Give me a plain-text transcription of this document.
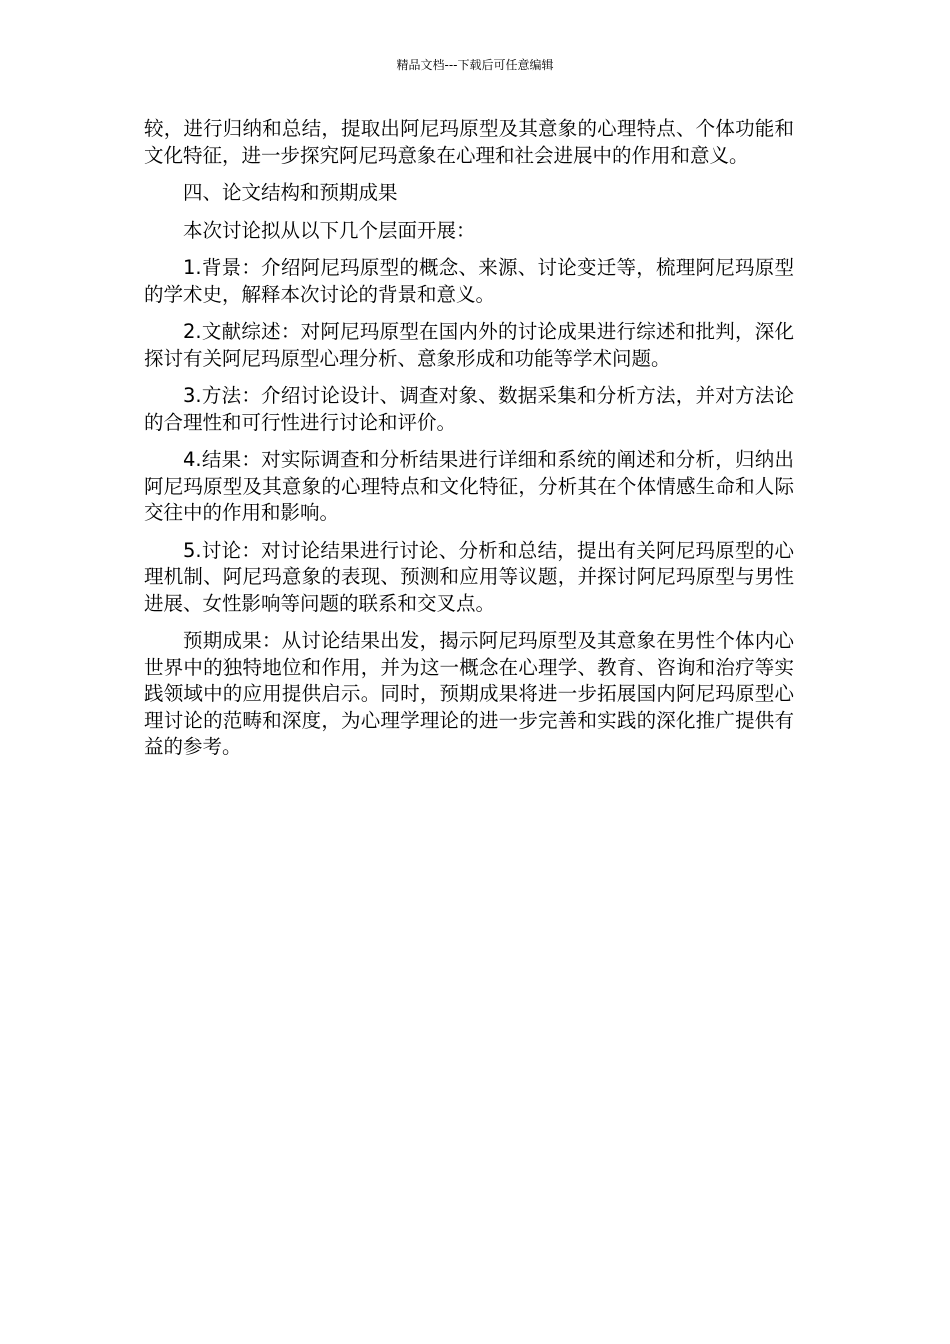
精品文档---下载后可任意编辑

较，进行归纳和总结，提取出阿尼玛原型及其意象的心理特点、个体功能和文化特征，进一步探究阿尼玛意象在心理和社会进展中的作用和意义。

四、论文结构和预期成果

本次讨论拟从以下几个层面开展：

1.背景：介绍阿尼玛原型的概念、来源、讨论变迁等，梳理阿尼玛原型的学术史，解释本次讨论的背景和意义。

2.文献综述：对阿尼玛原型在国内外的讨论成果进行综述和批判，深化探讨有关阿尼玛原型心理分析、意象形成和功能等学术问题。

3.方法：介绍讨论设计、调查对象、数据采集和分析方法，并对方法论的合理性和可行性进行讨论和评价。

4.结果：对实际调查和分析结果进行详细和系统的阐述和分析，归纳出阿尼玛原型及其意象的心理特点和文化特征，分析其在个体情感生命和人际交往中的作用和影响。

5.讨论：对讨论结果进行讨论、分析和总结，提出有关阿尼玛原型的心理机制、阿尼玛意象的表现、预测和应用等议题，并探讨阿尼玛原型与男性进展、女性影响等问题的联系和交叉点。

预期成果：从讨论结果出发，揭示阿尼玛原型及其意象在男性个体内心世界中的独特地位和作用，并为这一概念在心理学、教育、咨询和治疗等实践领域中的应用提供启示。同时，预期成果将进一步拓展国内阿尼玛原型心理讨论的范畴和深度，为心理学理论的进一步完善和实践的深化推广提供有益的参考。
